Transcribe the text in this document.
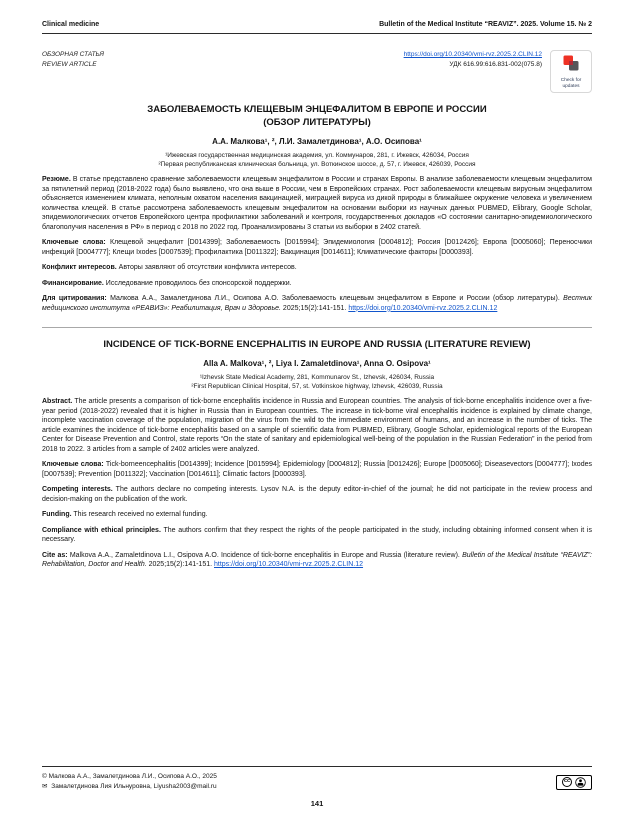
Clinical medicine	Bulletin of the Medical Institute “REAVIZ”. 2025. Volume 15. № 2
ОБЗОРНАЯ СТАТЬЯ
REVIEW ARTICLE
https://doi.org/10.20340/vmi-rvz.2025.2.CLIN.12
УДК 616.99:616.831-002(075.8)
Check for updates
ЗАБОЛЕВАЕМОСТЬ КЛЕЩЕВЫМ ЭНЦЕФАЛИТОМ В ЕВРОПЕ И РОССИИ
(ОБЗОР ЛИТЕРАТУРЫ)
А.А. Малкова¹, ², Л.И. Замалетдинова¹, А.О. Осипова¹
¹Ижевская государственная медицинская академия, ул. Коммунаров, 281, г. Ижевск, 426034, Россия
²Первая республиканская клиническая больница, ул. Воткинское шоссе, д. 57, г. Ижевск, 426039, Россия

Резюме. В статье представлено сравнение заболеваемости клещевым энцефалитом в России и странах Европы. В анализе заболеваемости клещевым энцефалитом за пятилетний период (2018-2022 года) было выявлено, что она выше в России, чем в Европейских странах. Рост заболеваемости клещевым вирусным энцефалитом объясняется изменением климата, неполным охватом населения вакцинацией, миграцией вируса из дикой природы в ближайшее окружение человека и увеличением количества клещей. В статье рассмотрена заболеваемость клещевым энцефалитом на основании выборки из научных данных PUBMED, Elibrary, Google Scholar, эпидемиологических отчетов Европейского центра профилактики заболеваний и контроля, государственных докладов «О состоянии санитарно-эпидемиологического благополучия населения в РФ» в период с 2018 по 2022 год. Проанализированы 3 статьи из выборки в 2402 статей.

Ключевые слова: Клещевой энцефалит [D014399]; Заболеваемость [D015994]; Эпидемиология [D004812]; Россия [D012426]; Европа [D005060]; Переносчики инфекций [D004777]; Клещи Ixodes [D007539]; Профилактика [D011322]; Вакцинация [D014611]; Климатические факторы [D000393].

Конфликт интересов. Авторы заявляют об отсутствии конфликта интересов.

Финансирование. Исследование проводилось без спонсорской поддержки.

Для цитирования: Малкова А.А., Замалетдинова Л.И., Осипова А.О. Заболеваемость клещевым энцефалитом в Европе и России (обзор литературы). Вестник медицинского института «РЕАВИЗ»: Реабилитация, Врач и Здоровье. 2025;15(2):141-151. https://doi.org/10.20340/vmi-rvz.2025.2.CLIN.12

INCIDENCE OF TICK-BORNE ENCEPHALITIS IN EUROPE AND RUSSIA (LITERATURE REVIEW)
Alla A. Malkova¹, ², Liya I. Zamaletdinova¹, Anna O. Osipova¹
¹Izhevsk State Medical Academy, 281, Kommunarov St., Izhevsk, 426034, Russia
²First Republican Clinical Hospital, 57, st. Votkinskoe highway, Izhevsk, 426039, Russia

Abstract. The article presents a comparison of tick-borne encephalitis incidence in Russia and European countries. The analysis of tick-borne encephalitis incidence over a five-year period (2018-2022) revealed that it is higher in Russia than in European countries. The increase in tick-borne viral encephalitis incidence is explained by climate change, incomplete vaccination coverage of the population, migration of the virus from the wild to the immediate environment of humans, and an increase in the number of ticks. The article examines the incidence of tick-borne encephalitis based on a sample of scientific data from PUBMED, Elibrary, Google Scholar, epidemiological reports of the European Center for Disease Prevention and Control, state reports “On the state of sanitary and epidemiological well-being of the population in the Russian Federation” in the period from 2018 to 2022. 3 articles from a sample of 2402 articles were analyzed.

Ключевые слова: Tick-borneencephalitis [D014399]; Incidence [D015994]; Epidemiology [D004812]; Russia [D012426]; Europe [D005060]; Diseasevectors [D004777]; Ixodes [D007539]; Prevention [D011322]; Vaccination [D014611]; Climatic factors [D000393].

Competing interests. The authors declare no competing interests. Lysov N.A. is the deputy editor-in-chief of the journal; he did not participate in the review process and decision-making on the publication of the work.

Funding. This research received no external funding.

Compliance with ethical principles. The authors confirm that they respect the rights of the people participated in the study, including obtaining informed consent when it is necessary.

Cite as: Malkova A.A., Zamaletdinova L.I., Osipova A.O. Incidence of tick-borne encephalitis in Europe and Russia (literature review). Bulletin of the Medical Institute “REAVIZ”: Rehabilitation, Doctor and Health. 2025;15(2):141-151. https://doi.org/10.20340/vmi-rvz.2025.2.CLIN.12

© Малкова А.А., Замалетдинова Л.И., Осипова А.О., 2025
✉ Замалетдинова Лия Ильнуровна, Liyusha2003@mail.ru
cc
141
